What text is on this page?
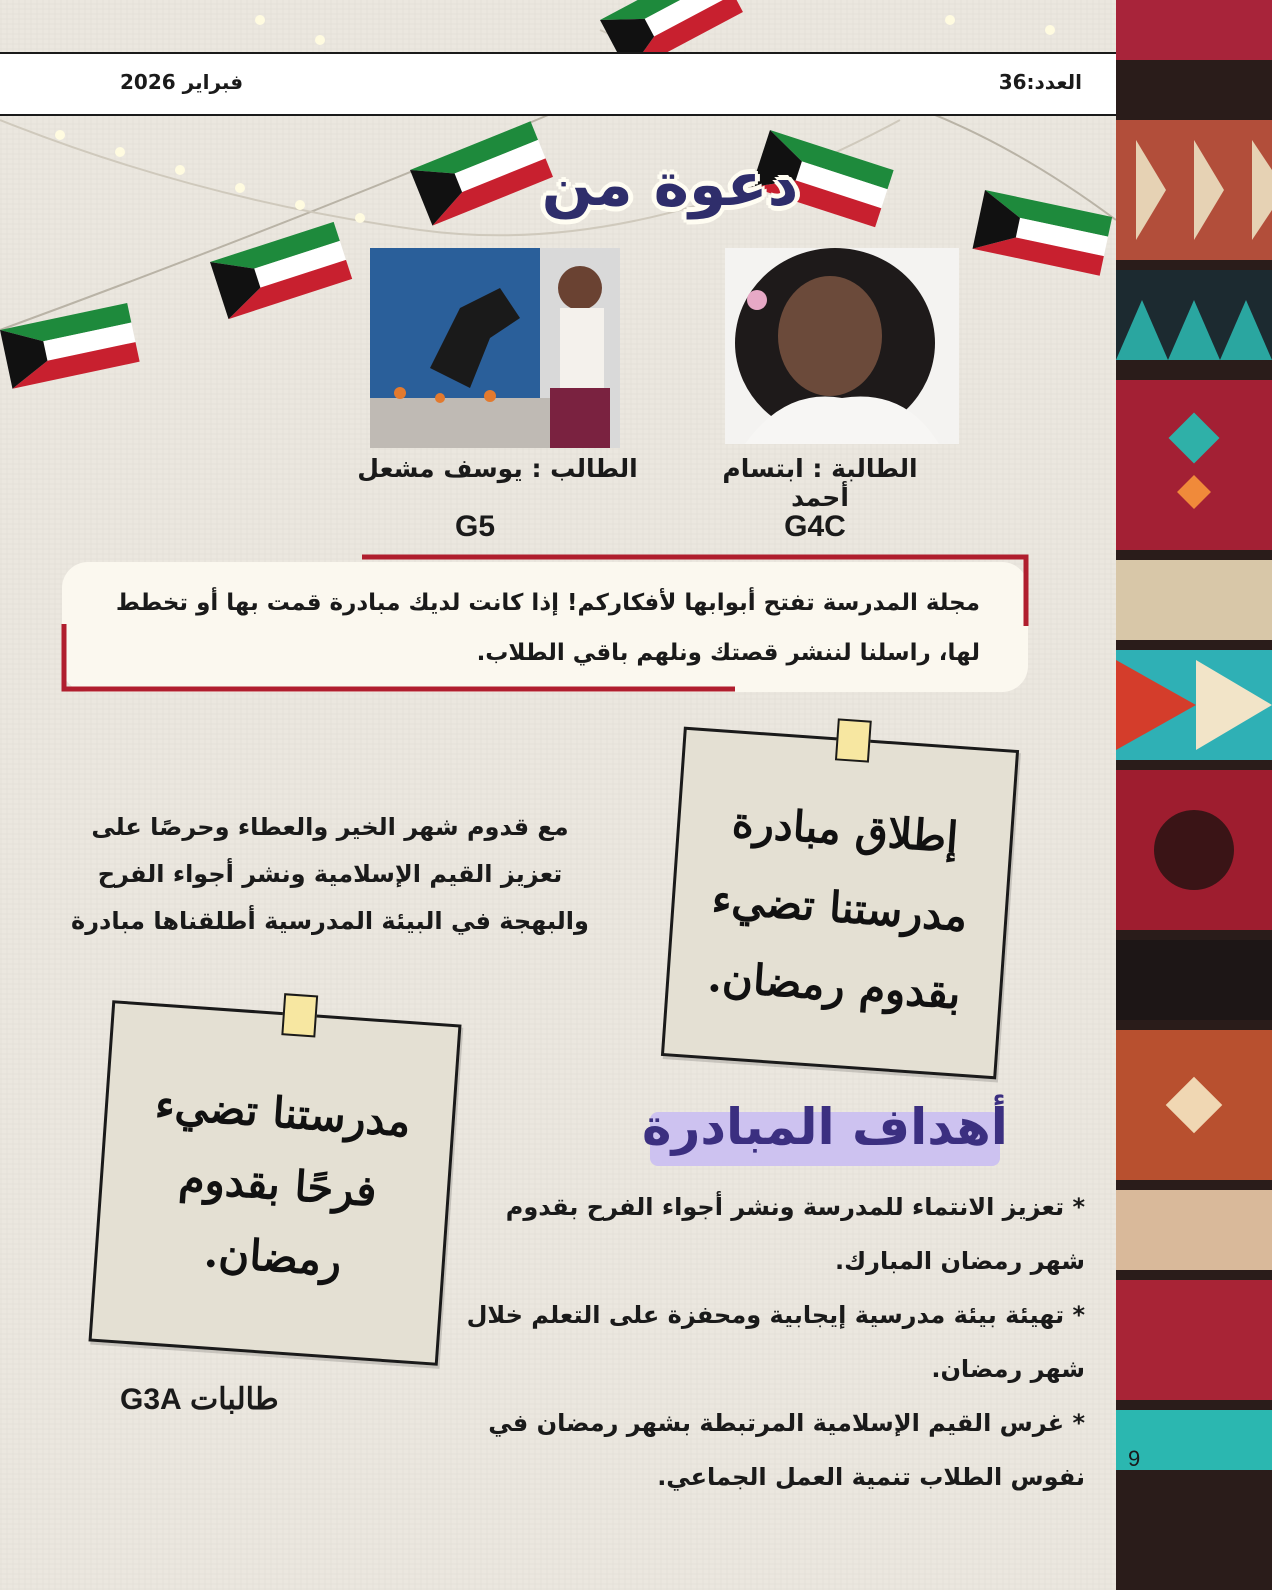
العدد:36
فبراير 2026
دعوة من
الطالبة : ابتسام أحمد
G4C
الطالب : يوسف مشعل
G5
مجلة المدرسة تفتح أبوابها لأفكاركم! إذا كانت لديك مبادرة قمت بها أو تخطط لها، راسلنا لننشر قصتك ونلهم باقي الطلاب.
إطلاق مبادرة مدرستنا تضيء بقدوم رمضان.
مع قدوم شهر الخير والعطاء وحرصًا على تعزيز القيم الإسلامية ونشر أجواء الفرح والبهجة في البيئة المدرسية أطلقناها مبادرة
مدرستنا تضيء فرحًا بقدوم رمضان.
أهداف المبادرة

* تعزيز الانتماء للمدرسة ونشر أجواء الفرح بقدوم شهر رمضان المبارك.

* تهيئة بيئة مدرسية إيجابية ومحفزة على التعلم خلال شهر رمضان.

* غرس القيم الإسلامية المرتبطة بشهر رمضان في نفوس الطلاب تنمية العمل الجماعي.

طالبات G3A
9
